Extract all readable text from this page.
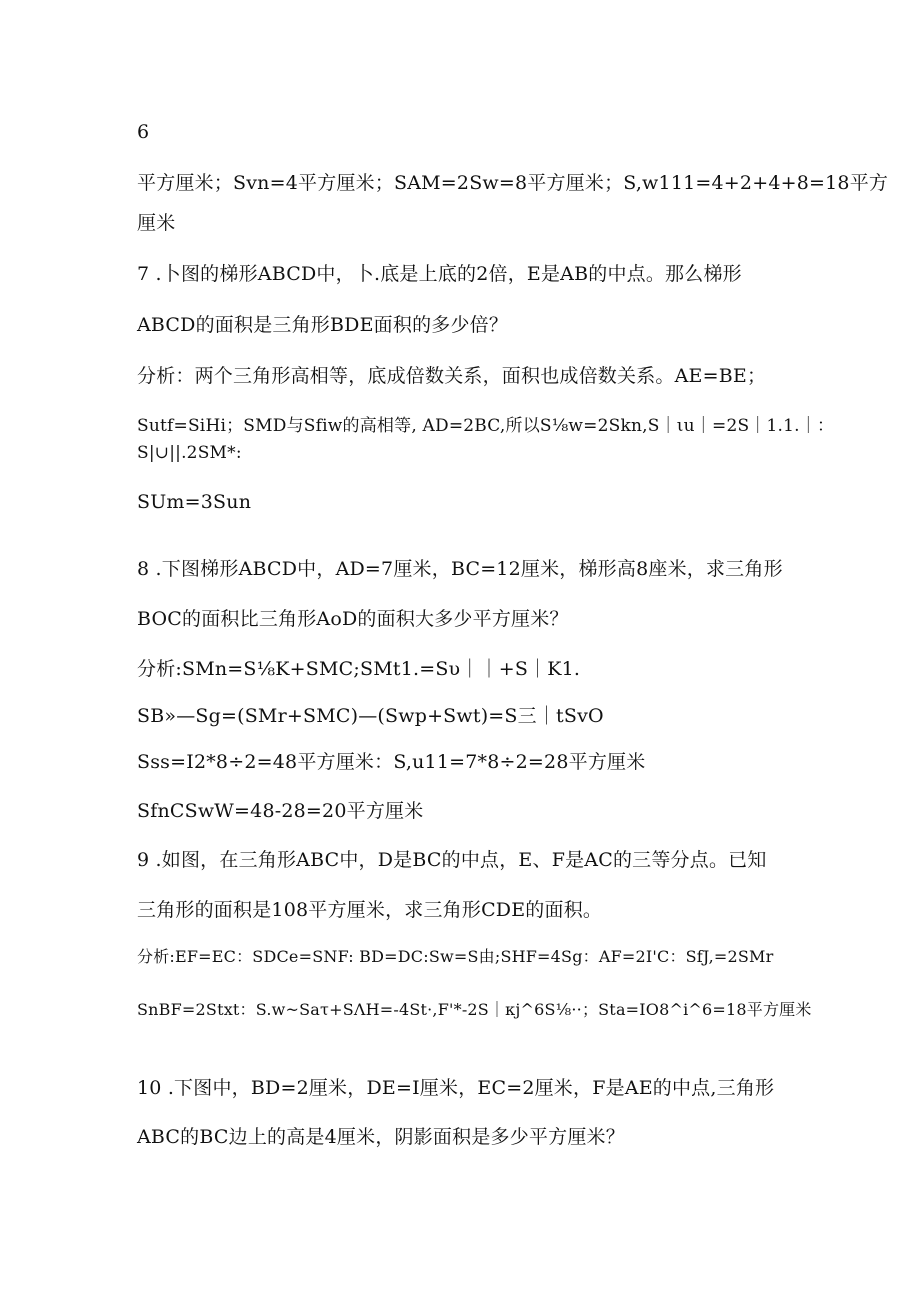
6
平方厘米；Svn=4平方厘米；SAM=2Sw=8平方厘米；S,w111=4+2+4+8=18平方
厘米
7 .卜图的梯形ABCD中，卜.底是上底的2倍，E是AB的中点。那么梯形
ABCD的面积是三角形BDE面积的多少倍？
分析：两个三角形高相等，底成倍数关系，面积也成倍数关系。AE=BE；
Sutf=SiHi；SMD与Sfiw的高相等, AD=2BC,所以S⅛w=2Skn,S｜ιu｜=2S｜1.1.｜：
S|∪||.2SM*:
SUm=3Sun
8 .下图梯形ABCD中，AD=7厘米，BC=12厘米，梯形高8座米，求三角形
BOC的面积比三角形AoD的面积大多少平方厘米？
分析:SMn=S⅛K+SMC;SMt1.=Sυ｜｜+S｜K1.
SB»—Sg=(SMr+SMC)—(Swp+Swt)=S三｜tSvO
Sss=I2*8÷2=48平方厘米：S,u11=7*8÷2=28平方厘米
SfnCSwW=48-28=20平方厘米
9 .如图，在三角形ABC中，D是BC的中点，E、F是AC的三等分点。已知
三角形的面积是108平方厘米，求三角形CDE的面积。
分析:EF=EC：SDCe=SNF: BD=DC:Sw=S由;SHF=4Sg：AF=2I'C：SfJ,=2SMr
SnBF=2Stxt：S.w~Saτ+SΛH=-4St·,F'*-2S｜κj^6S⅛··；Sta=IO8^i^6=18平方厘米
10 .下图中，BD=2厘米，DE=I厘米，EC=2厘米，F是AE的中点,三角形
ABC的BC边上的高是4厘米，阴影面积是多少平方厘米？
